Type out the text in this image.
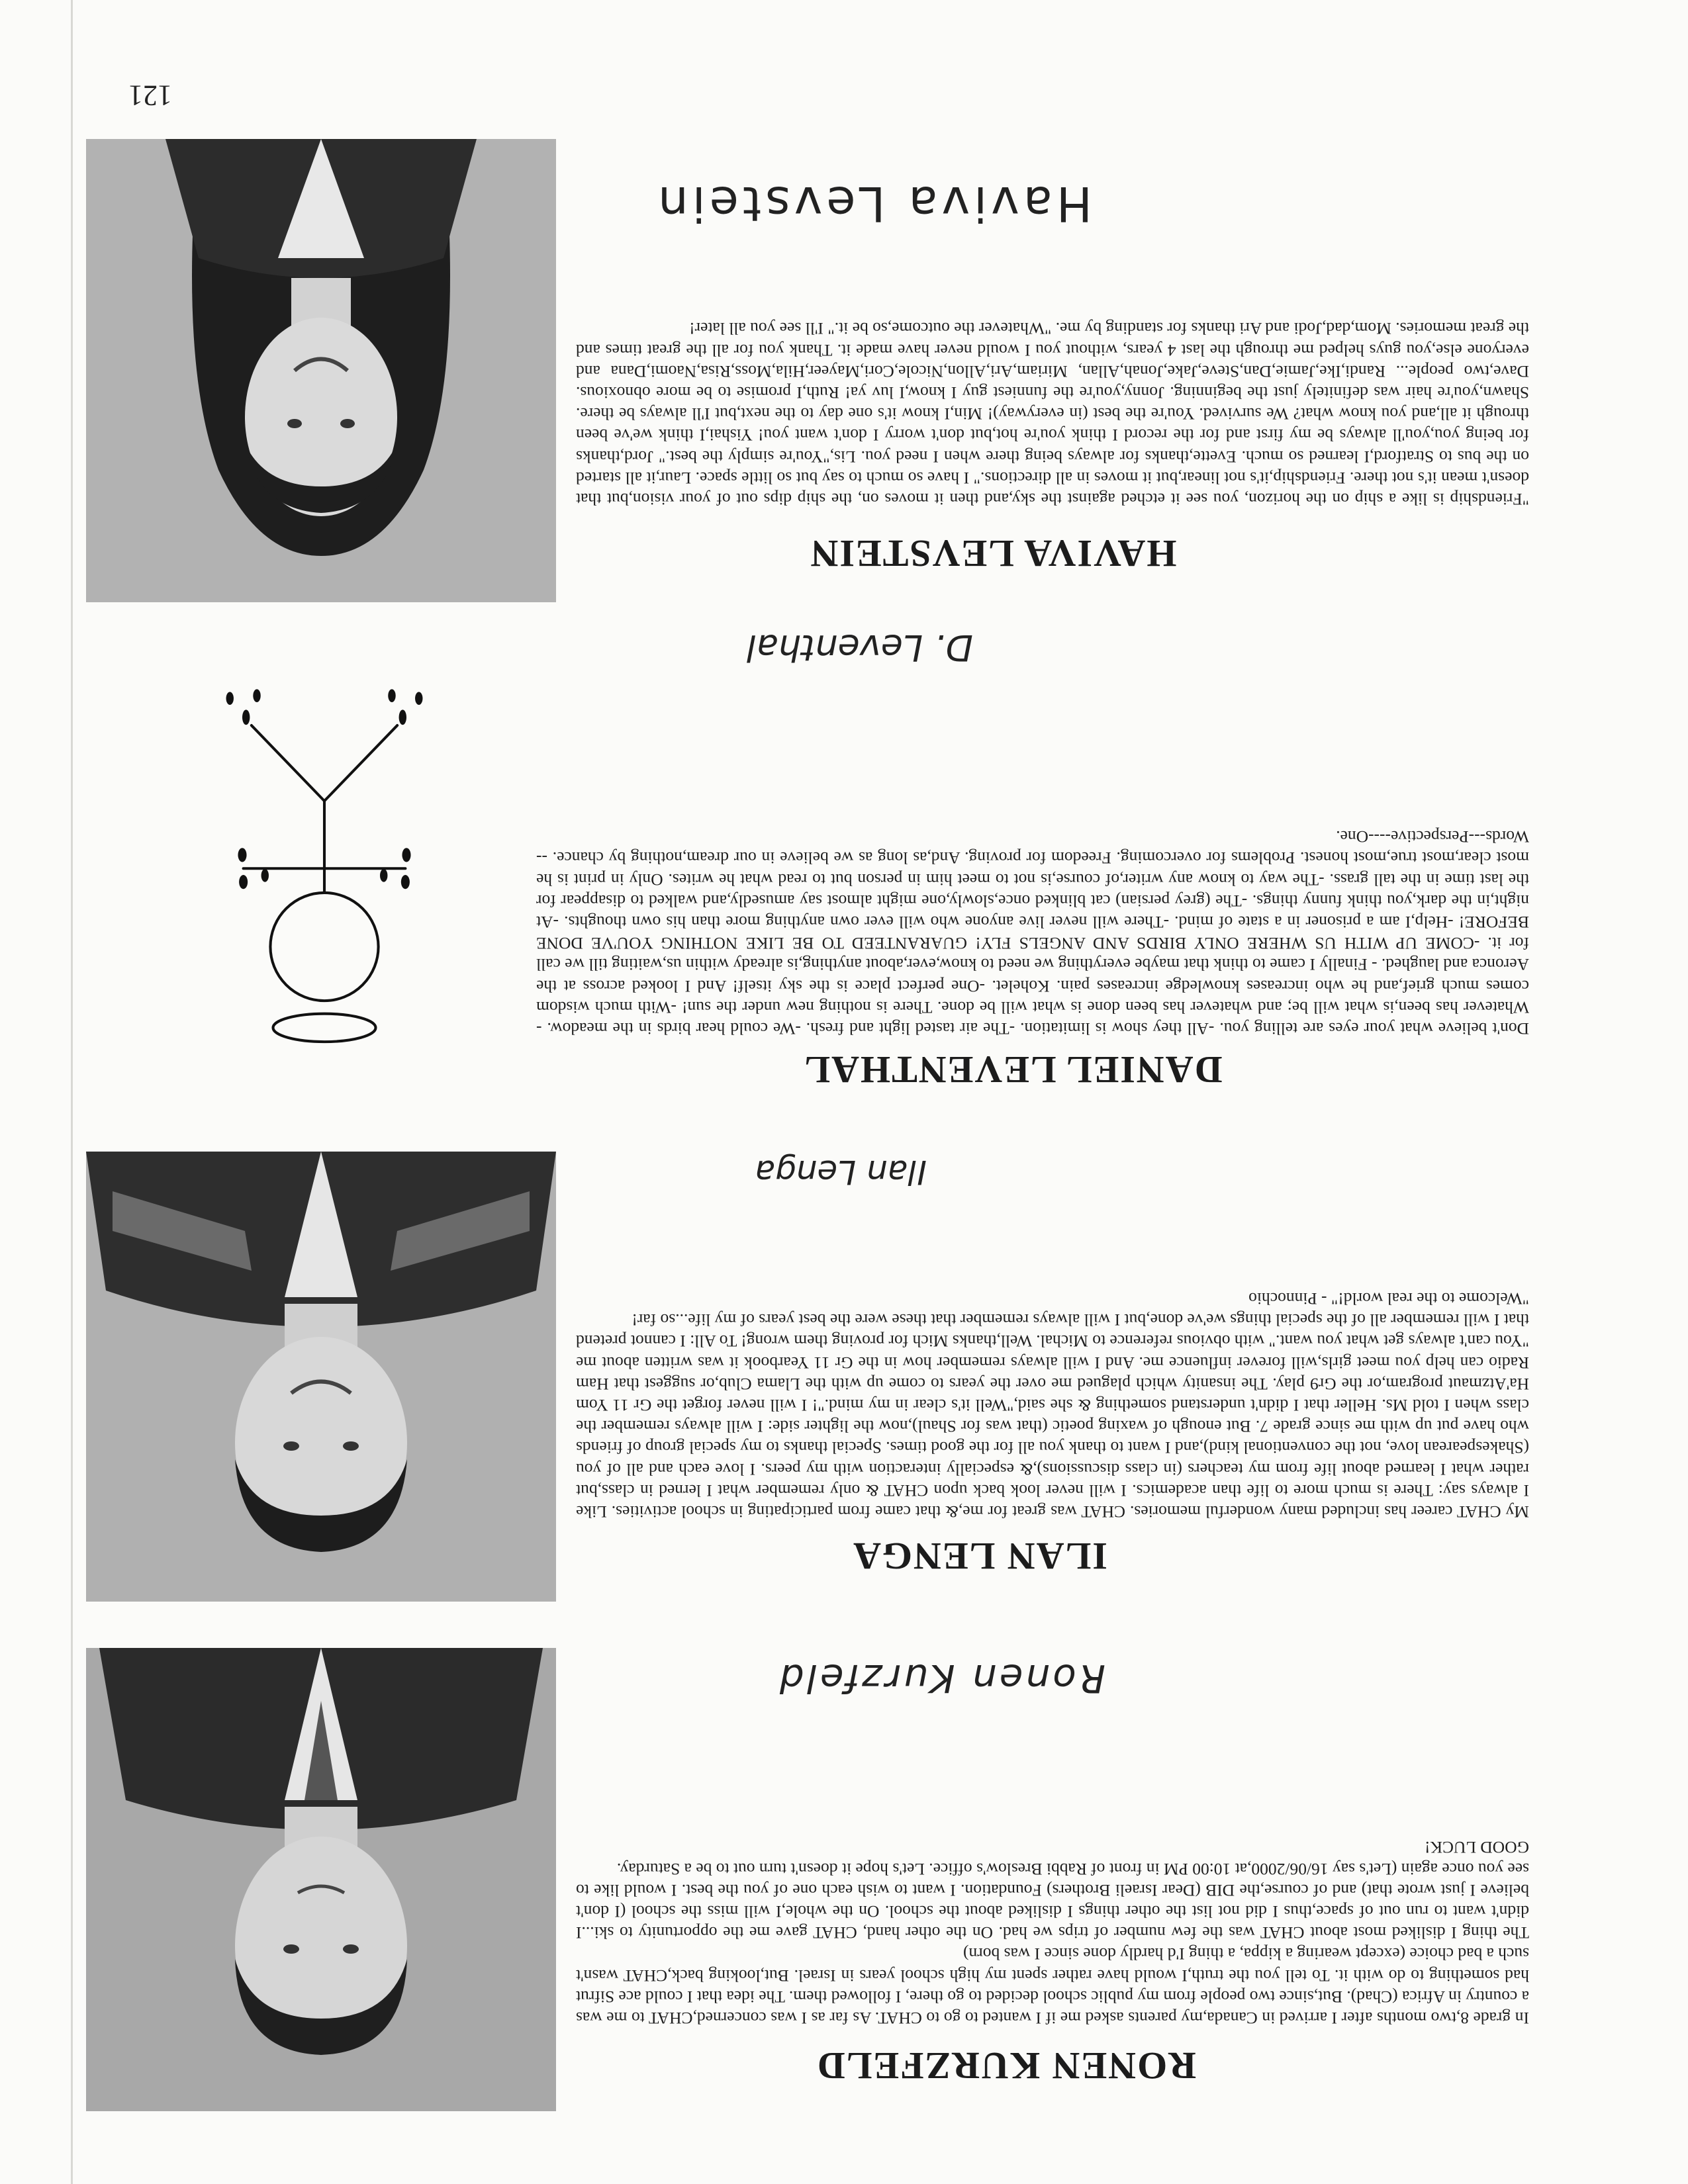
121
RONEN KURZFELD
In grade 8,two months after I arrived in Canada,my parents asked me if I wanted to go to CHAT. As far as I was concerned,CHAT to me was a country in Africa (Chad). But,since two people from my public school decided to go there, I followed them. The idea that I could ace Sifrut had something to do with it. To tell you the truth,I would have rather spent my high school years in Israel. But,looking back,CHAT wasn't such a bad choice (except wearing a kippa, a thing I'd hardly done since I was born)
The thing I disliked most about CHAT was the few number of trips we had. On the other hand, CHAT gave me the opportunity to ski...I didn't want to run out of space,thus I did not list the other things I disliked about the school. On the whole,I will miss the school (I don't believe I just wrote that) and of course,the DIB (Dear Israeli Brothers) Foundation. I want to wish each one of you the best. I would like to see you once again (Let's say 16/06/2000,at 10:00 PM in front of Rabbi Breslow's office. Let's hope it doesn't turn out to be a Saturday.
GOOD LUCK!
Ronen Kurzfeld
ILAN LENGA
My CHAT career has included many wonderful memories. CHAT was great for me,& that came from participating in school activities. Like I always say: There is much more to life than academics. I will never look back upon CHAT & only remember what I lerned in class,but rather what I learned about life from my teachers (in class discussions),& especially interaction with my peers. I love each and all of you (Shakespearean love, not the conventional kind),and I want to thank you all for the good times. Special thanks to my special group of friends who have put up with me since grade 7. But enough of waxing poetic (that was for Shaul),now the lighter side: I will always remember the class when I told Ms. Heller that I didn't understand something & she said,"Well it's clear in my mind."! I will never forget the Gr 11 Yom Ha'Atzmaut program,or the Gr9 play. The insanity which plagued me over the years to come up with the Llama Club,or suggest that Ham Radio can help you meet girls,will forever influence me. And I will always remember how in the Gr 11 Yearbook it was written about me "You can't always get what you want." with obvious reference to Michal. Well,thanks Mich for proving them wrong! To All: I cannot pretend that I will remember all of the special things we've done,but I will always remember that these were the best years of my life...so far!
"Welcome to the real world!" - Pinnochio
Ilan Lenga
DANIEL LEVENTHAL
Don't believe what your eyes are telling you. -All they show is limitation. -The air tasted light and fresh. -We could hear birds in the meadow. -Whatever has been,is what will be; and whatever has been done is what will be done. There is nothing new under the sun! -With much wisdom comes much grief,and he who increases knowledge increases pain. Kohelet. -One perfect place is the sky itself! And I looked across at the Aeronca and laughed. - Finally I came to think that maybe everything we need to know,ever,about anything,is already within us,waiting till we call for it. -COME UP WITH US WHERE ONLY BIRDS AND ANGELS FLY! GUARANTEED TO BE LIKE NOTHING YOU'VE DONE BEFORE! -Help,I am a prisoner in a state of mind. -There will never live anyone who will ever own anything more than his own thoughts. -At night,in the dark,you think funny things. -The (grey persian) cat blinked once,slowly,one might almost say amusedly,and walked to disappear for the last time in the tall grass. -The way to know any writer,of course,is not to meet him in person but to read what he writes. Only in print is he most clear,most true,most honest. Problems for overcoming. Freedom for proving. And,as long as we believe in our dream,nothing by chance. --Words---Perspective----One.
D. Leventhal
HAVIVA LEVSTEIN
"Friendship is like a ship on the horizon, you see it etched against the sky,and then it moves on, the ship dips out of your vision,but that doesn't mean it's not there. Friendship,it's not linear,but it moves in all directions." I have so much to say but so little space. Laur,it all started on the bus to Stratford,I learned so much. Evette,thanks for always being there when I need you. Lis,"You're simply the best." Jord,thanks for being you,you'll always be my first and for the record I think you're hot,but don't worry I don't want you! Yishai,I think we've been through it all,and you know what? We survived. You're the best (in everyway)! Min,I know it's one day to the next,but I'll always be there. Shawn,you're hair was definitely just the beginning. Jonny,you're the funniest guy I know,I luv ya! Ruth,I promise to be more obnoxious. Dave,two people... Randi,Ike,Jamie,Dan,Steve,Jake,Jonah,Allan, Miriam,Ari,Allon,Nicole,Cori,Mayeer,Hila,Moss,Risa,Naomi,Dana and everyone else,you guys helped me through the last 4 years, without you I would never have made it. Thank you for all the great times and the great memories. Mom,dad,Jodi and Ari thanks for standing by me. "Whatever the outcome,so be it." I'll see you all later!
Haviva Levstein
